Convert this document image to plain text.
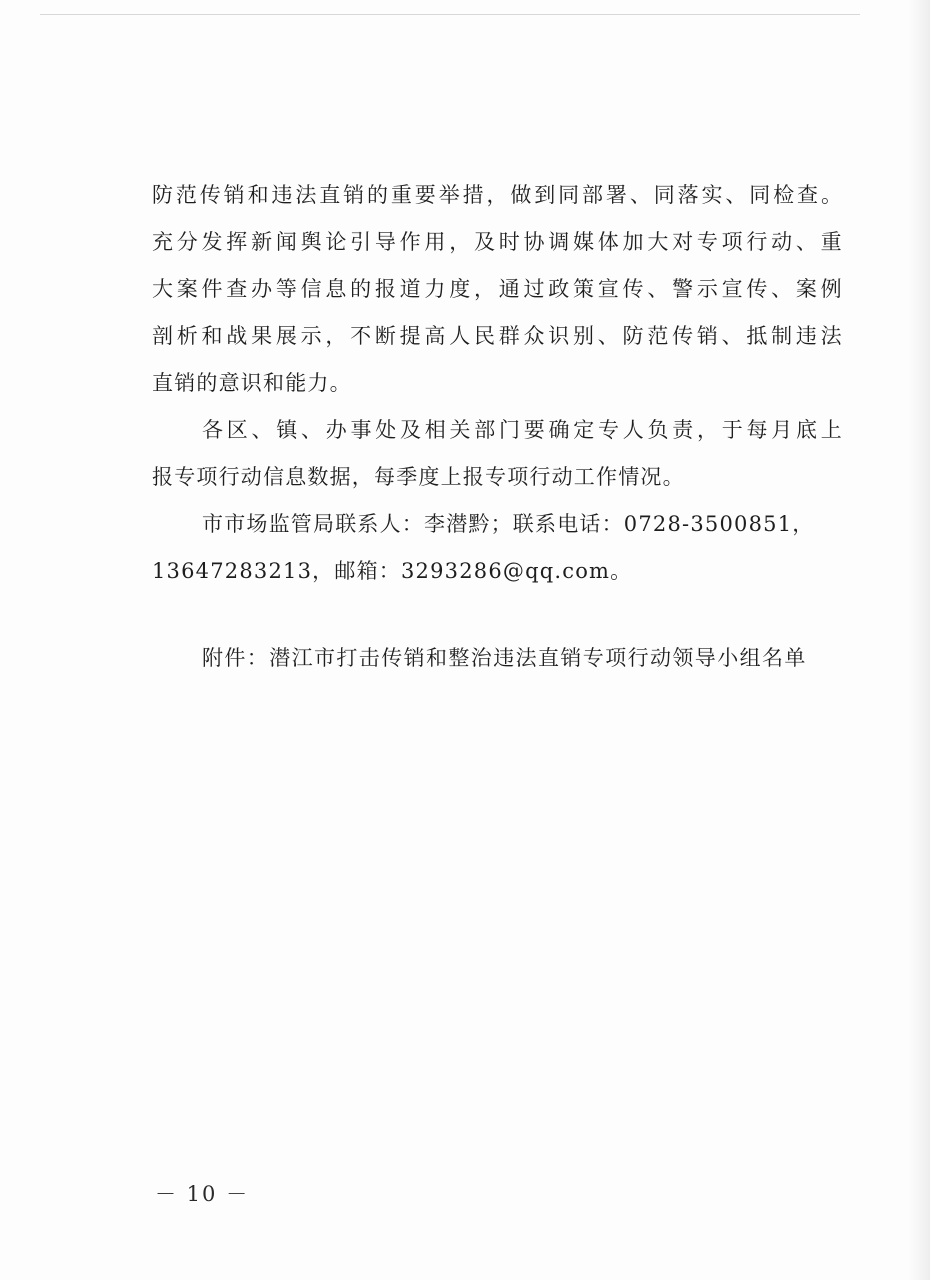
防 范 传 销 和 违 法 直 销 的 重 要 举 措 ， 做 到 同 部 署 、 同 落 实 、 同 检 查 。
充 分 发 挥 新 闻 舆 论 引 导 作 用 ， 及 时 协 调 媒 体 加 大 对 专 项 行 动 、 重
大 案 件 查 办 等 信 息 的 报 道 力 度 ， 通 过 政 策 宣 传 、 警 示 宣 传 、 案 例
剖 析 和 战 果 展 示 ， 不 断 提 高 人 民 群 众 识 别 、 防 范 传 销 、 抵 制 违 法
直销的意识和能力。
各 区 、 镇 、 办 事 处 及 相 关 部 门 要 确 定 专 人 负 责 ， 于 每 月 底 上
报专项行动信息数据，每季度上报专项行动工作情况。
市市场监管局联系人：李潜黔；联系电话：0728-3500851，
13647283213，邮箱：3293286@qq.com。
附件：潜江市打击传销和整治违法直销专项行动领导小组名单
－ 10 －
